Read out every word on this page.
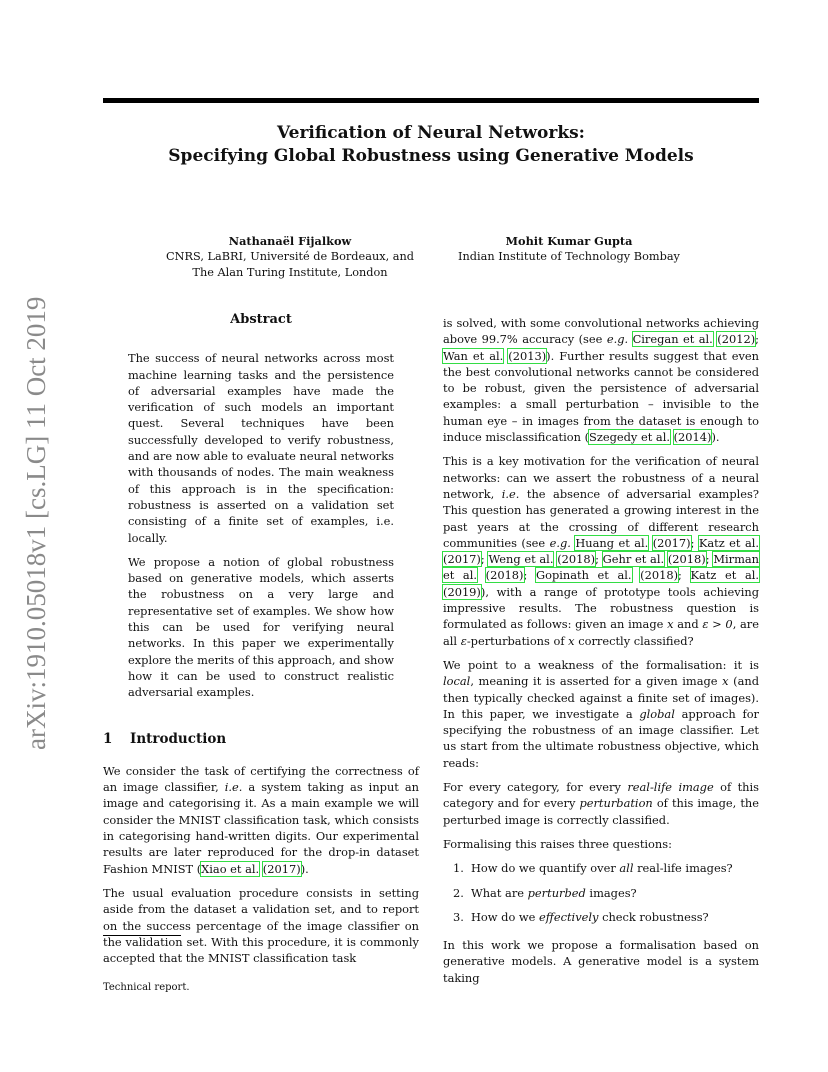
arXiv:1910.05018v1 [cs.LG] 11 Oct 2019
Verification of Neural Networks:
Specifying Global Robustness using Generative Models
Nathanaël Fijalkow
CNRS, LaBRI, Université de Bordeaux, and
The Alan Turing Institute, London
Mohit Kumar Gupta
Indian Institute of Technology Bombay
Abstract

The success of neural networks across most machine learning tasks and the persistence of adversarial examples have made the verification of such models an important quest. Several techniques have been successfully developed to verify robustness, and are now able to evaluate neural networks with thousands of nodes. The main weakness of this approach is in the specification: robustness is asserted on a validation set consisting of a finite set of examples, i.e. locally.

We propose a notion of global robustness based on generative models, which asserts the robustness on a very large and representative set of examples. We show how this can be used for verifying neural networks. In this paper we experimentally explore the merits of this approach, and show how it can be used to construct realistic adversarial examples.

1 Introduction

We consider the task of certifying the correctness of an image classifier, i.e. a system taking as input an image and categorising it. As a main example we will consider the MNIST classification task, which consists in categorising hand-written digits. Our experimental results are later reproduced for the drop-in dataset Fashion MNIST (Xiao et al. (2017)).

The usual evaluation procedure consists in setting aside from the dataset a validation set, and to report on the success percentage of the image classifier on the validation set. With this procedure, it is commonly accepted that the MNIST classification task

is solved, with some convolutional networks achieving above 99.7% accuracy (see e.g. Ciregan et al. (2012); Wan et al. (2013)). Further results suggest that even the best convolutional networks cannot be considered to be robust, given the persistence of adversarial examples: a small perturbation – invisible to the human eye – in images from the dataset is enough to induce misclassification (Szegedy et al. (2014)).

This is a key motivation for the verification of neural networks: can we assert the robustness of a neural network, i.e. the absence of adversarial examples? This question has generated a growing interest in the past years at the crossing of different research communities (see e.g. Huang et al. (2017); Katz et al. (2017); Weng et al. (2018); Gehr et al. (2018); Mirman et al. (2018); Gopinath et al. (2018); Katz et al. (2019)), with a range of prototype tools achieving impressive results. The robustness question is formulated as follows: given an image x and ε > 0, are all ε-perturbations of x correctly classified?

We point to a weakness of the formalisation: it is local, meaning it is asserted for a given image x (and then typically checked against a finite set of images). In this paper, we investigate a global approach for specifying the robustness of an image classifier. Let us start from the ultimate robustness objective, which reads:

For every category, for every real-life image of this category and for every perturbation of this image, the perturbed image is correctly classified.

Formalising this raises three questions:

1. How do we quantify over all real-life images?
2. What are perturbed images?
3. How do we effectively check robustness?

In this work we propose a formalisation based on generative models. A generative model is a system taking

Technical report.
